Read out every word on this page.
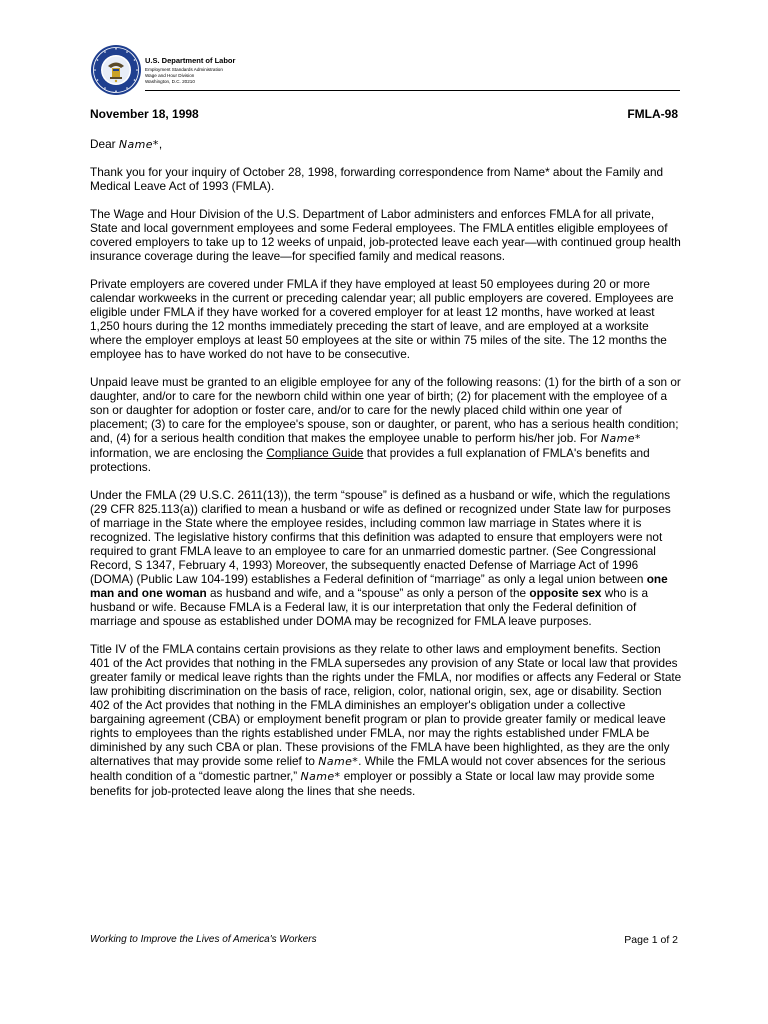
U.S. Department of Labor
Employment Standards Administration
Wage and Hour Division
Washington, D.C. 20210
November 18, 1998	FMLA-98

Dear Name*,

Thank you for your inquiry of October 28, 1998, forwarding correspondence from Name* about the Family and Medical Leave Act of 1993 (FMLA).

The Wage and Hour Division of the U.S. Department of Labor administers and enforces FMLA for all private, State and local government employees and some Federal employees. The FMLA entitles eligible employees of covered employers to take up to 12 weeks of unpaid, job-protected leave each year—with continued group health insurance coverage during the leave—for specified family and medical reasons.

Private employers are covered under FMLA if they have employed at least 50 employees during 20 or more calendar workweeks in the current or preceding calendar year; all public employers are covered. Employees are eligible under FMLA if they have worked for a covered employer for at least 12 months, have worked at least 1,250 hours during the 12 months immediately preceding the start of leave, and are employed at a worksite where the employer employs at least 50 employees at the site or within 75 miles of the site. The 12 months the employee has to have worked do not have to be consecutive.

Unpaid leave must be granted to an eligible employee for any of the following reasons: (1) for the birth of a son or daughter, and/or to care for the newborn child within one year of birth; (2) for placement with the employee of a son or daughter for adoption or foster care, and/or to care for the newly placed child within one year of placement; (3) to care for the employee's spouse, son or daughter, or parent, who has a serious health condition; and, (4) for a serious health condition that makes the employee unable to perform his/her job. For Name* information, we are enclosing the Compliance Guide that provides a full explanation of FMLA's benefits and protections.

Under the FMLA (29 U.S.C. 2611(13)), the term “spouse” is defined as a husband or wife, which the regulations (29 CFR 825.113(a)) clarified to mean a husband or wife as defined or recognized under State law for purposes of marriage in the State where the employee resides, including common law marriage in States where it is recognized. The legislative history confirms that this definition was adapted to ensure that employers were not required to grant FMLA leave to an employee to care for an unmarried domestic partner. (See Congressional Record, S 1347, February 4, 1993) Moreover, the subsequently enacted Defense of Marriage Act of 1996 (DOMA) (Public Law 104-199) establishes a Federal definition of “marriage” as only a legal union between one man and one woman as husband and wife, and a “spouse” as only a person of the opposite sex who is a husband or wife. Because FMLA is a Federal law, it is our interpretation that only the Federal definition of marriage and spouse as established under DOMA may be recognized for FMLA leave purposes.

Title IV of the FMLA contains certain provisions as they relate to other laws and employment benefits. Section 401 of the Act provides that nothing in the FMLA supersedes any provision of any State or local law that provides greater family or medical leave rights than the rights under the FMLA, nor modifies or affects any Federal or State law prohibiting discrimination on the basis of race, religion, color, national origin, sex, age or disability. Section 402 of the Act provides that nothing in the FMLA diminishes an employer's obligation under a collective bargaining agreement (CBA) or employment benefit program or plan to provide greater family or medical leave rights to employees than the rights established under FMLA, nor may the rights established under FMLA be diminished by any such CBA or plan. These provisions of the FMLA have been highlighted, as they are the only alternatives that may provide some relief to Name*. While the FMLA would not cover absences for the serious health condition of a “domestic partner,” Name* employer or possibly a State or local law may provide some benefits for job-protected leave along the lines that she needs.

Working to Improve the Lives of America's Workers	Page 1 of 2
